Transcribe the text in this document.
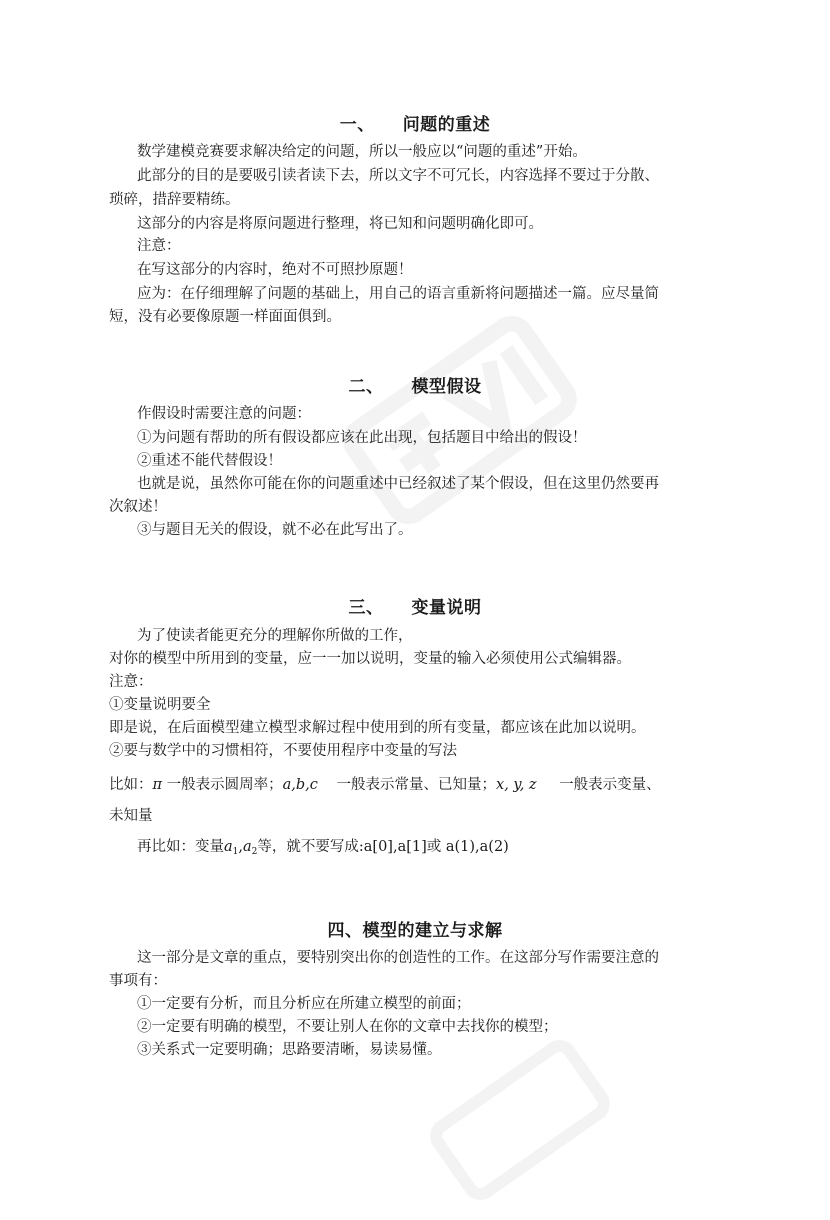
一、 问题的重述

数学建模竞赛要求解决给定的问题，所以一般应以“问题的重述”开始。

此部分的目的是要吸引读者读下去，所以文字不可冗长，内容选择不要过于分散、

琐碎，措辞要精练。

这部分的内容是将原问题进行整理，将已知和问题明确化即可。

注意：

在写这部分的内容时，绝对不可照抄原题！

应为：在仔细理解了问题的基础上，用自己的语言重新将问题描述一篇。应尽量简

短，没有必要像原题一样面面俱到。

二、 模型假设

作假设时需要注意的问题：

①为问题有帮助的所有假设都应该在此出现，包括题目中给出的假设！

②重述不能代替假设！

也就是说，虽然你可能在你的问题重述中已经叙述了某个假设，但在这里仍然要再

次叙述！

③与题目无关的假设，就不必在此写出了。

三、 变量说明

为了使读者能更充分的理解你所做的工作，

对你的模型中所用到的变量，应一一加以说明，变量的输入必须使用公式编辑器。

注意：

①变量说明要全

即是说，在后面模型建立模型求解过程中使用到的所有变量，都应该在此加以说明。

②要与数学中的习惯相符，不要使用程序中变量的写法

比如：π 一般表示圆周率；a,b,c 一般表示常量、已知量；x, y, z 一般表示变量、

未知量

再比如：变量$a_1,a_2$等，就不要写成:a[0],a[1]或 a(1),a(2)

四、模型的建立与求解

这一部分是文章的重点，要特别突出你的创造性的工作。在这部分写作需要注意的

事项有：

①一定要有分析，而且分析应在所建立模型的前面；

②一定要有明确的模型，不要让别人在你的文章中去找你的模型；

③关系式一定要明确；思路要清晰，易读易懂。
